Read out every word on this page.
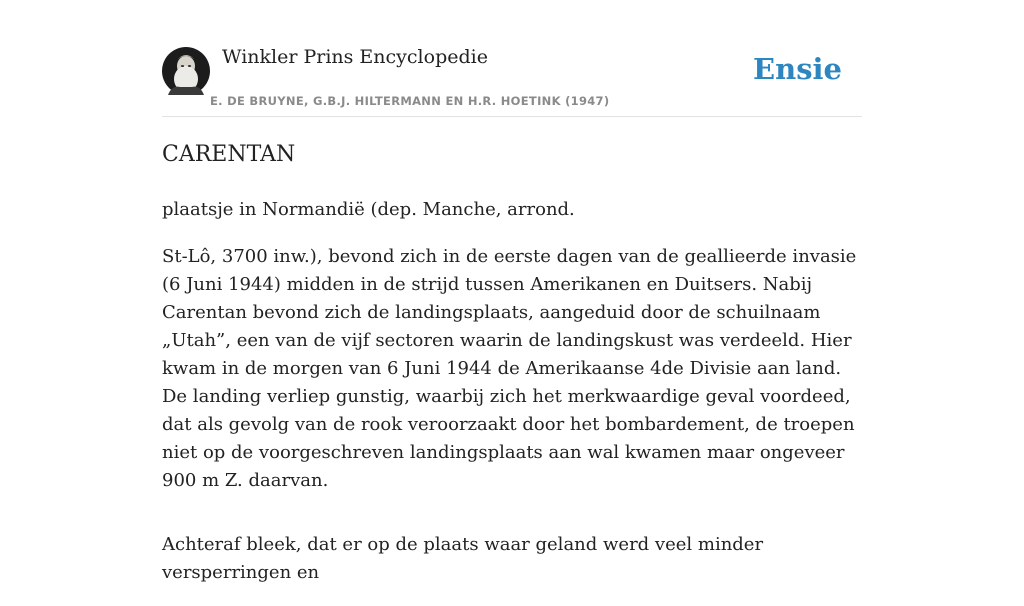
Winkler Prins Encyclopedie
E. DE BRUYNE, G.B.J. HILTERMANN EN H.R. HOETINK (1947)
Ensie
CARENTAN

plaatsje in Normandië (dep. Manche, arrond.

St-Lô, 3700 inw.), bevond zich in de eerste dagen van de geallieerde invasie (6 Juni 1944) midden in de strijd tussen Amerikanen en Duitsers. Nabij Carentan bevond zich de landingsplaats, aangeduid door de schuilnaam „Utah”, een van de vijf sectoren waarin de landingskust was verdeeld. Hier kwam in de morgen van 6 Juni 1944 de Amerikaanse 4de Divisie aan land. De landing verliep gunstig, waarbij zich het merkwaardige geval voordeed, dat als gevolg van de rook veroorzaakt door het bombardement, de troepen niet op de voorgeschreven landingsplaats aan wal kwamen maar ongeveer 900 m Z. daarvan.

Achteraf bleek, dat er op de plaats waar geland werd veel minder versperringen en
